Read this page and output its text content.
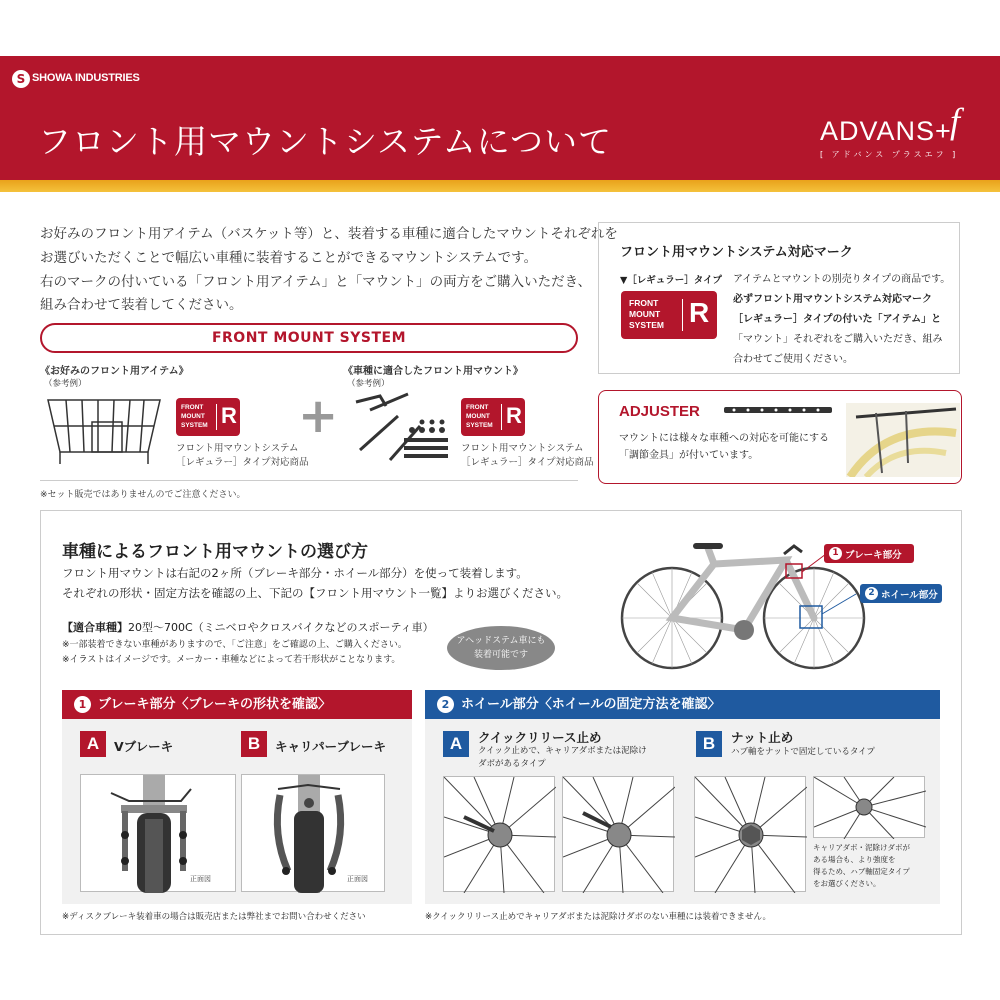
S SHOWA INDUSTRIES
フロント用マウントシステムについて	ADVANS+
f
[ アドバンス プラスエフ ]
お好みのフロント用アイテム（バスケット等）と、装着する車種に適合したマウントそれぞれを
お選びいただくことで幅広い車種に装着することができるマウントシステムです。
右のマークの付いている「フロント用アイテム」と「マウント」の両方をご購入いただき、
組み合わせて装着してください。
FRONT MOUNT SYSTEM
《お好みのフロント用アイテム》
（参考例）
《車種に適合したフロント用マウント》
（参考例）
FRONT
MOUNT
SYSTEM R
フロント用マウントシステム
［レギュラー］タイプ対応商品
+	FRONT
MOUNT
SYSTEM R
フロント用マウントシステム
［レギュラー］タイプ対応商品
※セット販売ではありませんのでご注意ください。
フロント用マウントシステム対応マーク
▼［レギュラー］タイプ
FRONT
MOUNT
SYSTEM R
アイテムとマウントの別売りタイプの商品です。
必ずフロント用マウントシステム対応マーク
［レギュラー］タイプの付いた「アイテム」と
「マウント」それぞれをご購入いただき、組み
合わせてご使用ください。
ADJUSTER
マウントには様々な車種への対応を可能にする
「調節金具」が付いています。
車種によるフロント用マウントの選び方
フロント用マウントは右記の2ヶ所（ブレーキ部分・ホイール部分）を使って装着します。
それぞれの形状・固定方法を確認の上、下記の【フロント用マウント一覧】よりお選びください。
【適合車種】20型〜700C（ミニベロやクロスバイクなどのスポーティ車）
※一部装着できない車種がありますので、「ご注意」をご確認の上、ご購入ください。
※イラストはイメージです。メーカー・車種などによって若干形状がことなります。
アヘッドステム車にも
装着可能です
1 ブレーキ部分
2 ホイール部分
1 ブレーキ部分〈ブレーキの形状を確認〉
A	Vブレーキ	B	キャリパーブレーキ
正面図	正面図
※ディスクブレーキ装着車の場合は販売店または弊社までお問い合わせください
2 ホイール部分〈ホイールの固定方法を確認〉
A	クイックリリース止め
クイック止めで、キャリアダボまたは泥除け
ダボがあるタイプ
B	ナット止め
ハブ軸をナットで固定しているタイプ
キャリアダボ・泥除けダボが
ある場合も、より強度を
得るため、ハブ軸固定タイプ
をお選びください。
※クイックリリース止めでキャリアダボまたは泥除けダボのない車種には装着できません。
